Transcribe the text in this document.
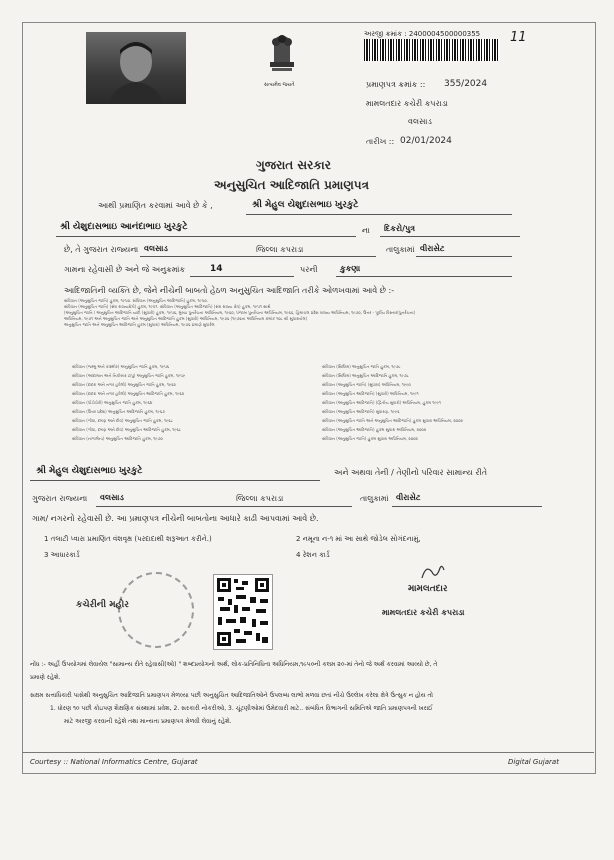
સત્યમેવ જયતે
અરજી ક્રમાંક : 2400004500000355 11
પ્રમાણપત્ર ક્રમાંક :: 355/2024
મામલતદાર કચેરી કપરાડા
વલસાડ
તારીખ :: 02/01/2024
ગુજરાત સરકાર
અનુસુચિત આદિજાતિ પ્રમાણપત્ર
આથી પ્રમાણિત કરવામાં આવે છે કે ,	શ્રી મેહુલ યેશુદાસભાઇ ખુરકુટે
શ્રી યેશુદાસભાઇ આનંદાભાઇ ખુરકુટે	ના દિકરો/પુત્ર
છે, તે ગુજરાત રાજ્યના વલસાડ	જિલ્લા કપરાડા	તાલુકામાં વીરાસેટ
ગામના રહેવાસી છે અને જે અનુક્રમાંક	14	પરની	કુકણા
આદિજાતિની વ્યક્તિ છે, જેને નીચેની બાબતો હેઠળ અનુસુચિત આદિજાતિ તરીકે ઓળખવામાં આવે છે :-
સંવિધાન (અનુસુચિત જાતિ) હુકમ, ૧૯૫૦. સંવિધાન (અનુસુચિત આદિજાતિ) હુકમ, ૧૯૫૦.
સંવિધાન (અનુસુચિત જાતિ) (સંઘ રાજ્યક્ષેત્રો) હુકમ, ૧૯૫૧. સંવિધાન (અનુસુચિત આદિજાતિ) (સંઘ રાજ્ય ક્ષેત્ર) હુકમ, ૧૯૫૧ સાથે
(અનુસુચિત જાતિ / અનુસુચિત આદિજાતિ યાદી (સુધારો) હુકમ, ૧૯૫૬, મુંબઇ પુનર્રચના અધિનિયમ, ૧૯૬૦, પંજાબ પુનર્રચના અધિનિયમ, ૧૯૬૬, હિમાચલ પ્રદેશ રાજ્ય અધિનિયમ, ૧૯૭૦, ઉત્તર - પૂર્વીય વિસ્તાર(પુનર્રચના)
અધિનિયમ, ૧૯૭૧ અને અનુસુચિત જાતિ અને અનુસુચિત આદિજાતિ હુકમ (સુધારો) અધિનિયમ, ૧૯૭૬ (૧૯૭૬ના અધિનિયમ ક્રમાંક ૧૦૮ થી સુધારાયેલ)
અનુસુચિત જાતિ અને અનુસુચિત આદિજાતિ હુકમ (સુધારા) અધિનિયમ, ૧૯૭૬ પ્રમાણે સુધારેલ
સંવિધાન (જમ્મુ અને કાશ્મીર) અનુસુચિત જાતિ હુકમ, ૧૯૫૬
સંવિધાન (આંદામાન અને નિકોબાર ટાપુ) અનુસુચિત જાતિ હુકમ, ૧૯૫૯
સંવિધાન (દાદરા અને નગર હવેલી) અનુસુચિત જાતિ હુકમ, ૧૯૬૨
સંવિધાન (દાદરા અને નગર હવેલી) અનુસુચિત આદિજાતિ હુકમ, ૧૯૬૨
સંવિધાન (પોંડીચેરી) અનુસુચિત જાતિ હુકમ, ૧૯૬૪
સંવિધાન (ઉત્તર પ્રદેશ) અનુસુચિત આદિજાતિ હુકમ, ૧૯૬૭
સંવિધાન (ગોવા, દમણ અને દીવ) અનુસુચિત જાતિ હુકમ, ૧૯૬૮
સંવિધાન (ગોવા, દમણ અને દીવ) અનુસુચિત આદિજાતિ હુકમ, ૧૯૬૮
સંવિધાન (નાગાલેન્ડ) અનુસુચિત આદિજાતિ હુકમ, ૧૯૭૦
સંવિધાન (સિક્કિમ) અનુસુચિત જાતિ હુકમ, ૧૯૭૮
સંવિધાન (સિક્કિમ) અનુસુચિત આદિજાતિ હુકમ, ૧૯૭૮
સંવિધાન (અનુસુચિત જાતિ) (સુધારા) અધિનિયમ, ૧૯૯૦
સંવિધાન (અનુસુચિત આદિજાતિ) (સુધારો) અધિનિયમ, ૧૯૯૧
સંવિધાન (અનુસુચિત આદિજાતિ) (દ્વિતીય સુધારો) અધિનિયમ, હુકમ ૧૯૯૧
સંવિધાન (અનુસુચિત આદિજાતિ) સુધારણ, ૧૯૯૬
સંવિધાન (અનુસુચિત જાતિ અને અનુસુચિત આદિજાતિ) હુકમ સુધારા અધિનિયમ, ૨૦૦૨
સંવિધાન (અનુસુચિત આદિજાતિ) હુકમ સુધારા અધિનિયમ, ૨૦૦૨
સંવિધાન (અનુસુચિત જાતિ) હુકમ સુધારા અધિનિયમ, ૨૦૦૨
શ્રી મેહુલ યેશુદાસભાઇ ખુરકુટે	અને અથવા તેની / તેણીનો પરિવાર સામાન્ય રીતે
ગુજરાત રાજ્યના વલસાડ	જિલ્લા કપરાડા	તાલુકામાં વીરાસેટ
ગામ/ નગરનો રહેવાસી છે. આ પ્રમાણપત્ર નીચેની બાબતોના આધારે કાઢી આપવામાં આવે છે.
1 તલાટી પ્વારા પ્રમાણિત વંશવૃક્ષ (પરદાદાથી શરૂઆત કરીને.)	2 નમૂના ન-૧ માં આ સાથે જોડેલ સોગંદનામું,
3 આધારકાર્ડ	4 રેશન કાર્ડ
કચેરીની મહોર
મામલતદાર
મામલતદાર કચેરી કપરાડા
નોંધ :- અહીં ઉપયોગમાં લેવાયેલ "સામાન્ય રીતે રહેવાસી(ઓ) " શબ્દપ્રયોગનો અર્થ, લોક-પ્રતિનિધિત્વ અધિનિયમ,૧૯૫૦ની કલમ ૨૦-માં તેનો જે અર્થ કરવામાં આવ્યો છે, તે
પ્રમાણે રહેશે.
સક્ષમ સત્તાધિકારી પાસેથી અનુસુચિત આદિજાતિ પ્રમાણપત્ર મેળવ્યા પછી અનુસુચિત આદિજાતિઓને ઉપલબ્ધ લાભો મળવા છતાં નીચે ઉલ્લેખ કરેલા ક્ષેત્રે ઉત્સુક ન હોય તો
1. ધોરણ ૧૦ પછી કોઇપણ શૈક્ષણિક સંસ્થામાં પ્રવેશ, 2. સરકારી નોકરીઓ, 3. ચૂંટણીઓમાં ઉમેદવારી માટે.. સંબંધિત વિભાગની સમિતિએ જાતિ પ્રમાણપત્રની ખરાઈ
માટે અરજી કરવાની રહેશે તથા માન્યતા પ્રમાણપત્ર મેળવી લેવાનું રહેશે.
Courtesy :: National Informatics Centre, Gujarat	Digital Gujarat
